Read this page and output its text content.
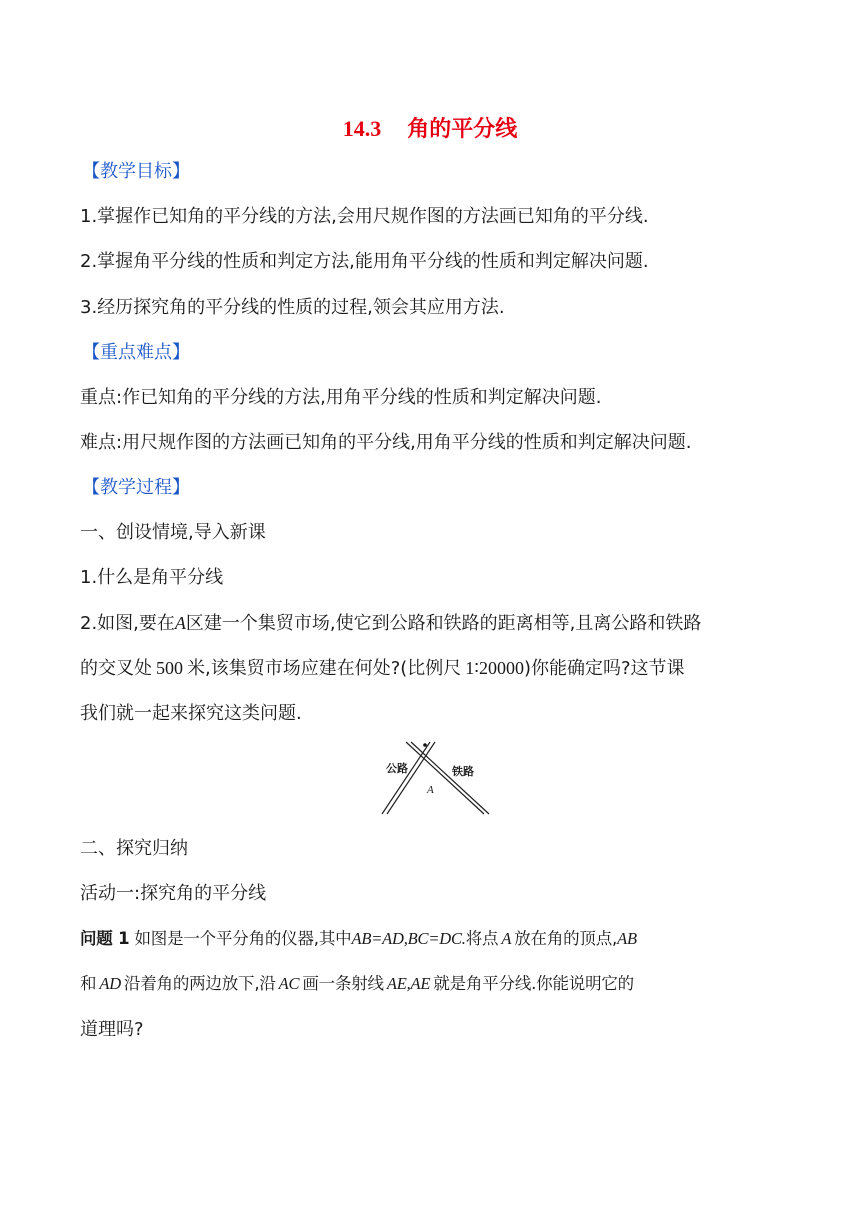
14.3 角的平分线
【教学目标】
1.掌握作已知角的平分线的方法,会用尺规作图的方法画已知角的平分线.
2.掌握角平分线的性质和判定方法,能用角平分线的性质和判定解决问题.
3.经历探究角的平分线的性质的过程,领会其应用方法.
【重点难点】
重点:作已知角的平分线的方法,用角平分线的性质和判定解决问题.
难点:用尺规作图的方法画已知角的平分线,用角平分线的性质和判定解决问题.
【教学过程】
一、创设情境,导入新课
1.什么是角平分线
2.如图,要在A区建一个集贸市场,使它到公路和铁路的距离相等,且离公路和铁路
的交叉处 500 米,该集贸市场应建在何处?(比例尺 1∶20000)你能确定吗?这节课
我们就一起来探究这类问题.
公路	铁路
A
二、探究归纳
活动一:探究角的平分线
问题 1 如图是一个平分角的仪器,其中AB=AD,BC=DC.将点 A 放在角的顶点,AB
和 AD 沿着角的两边放下,沿 AC 画一条射线 AE,AE 就是角平分线.你能说明它的
道理吗?
